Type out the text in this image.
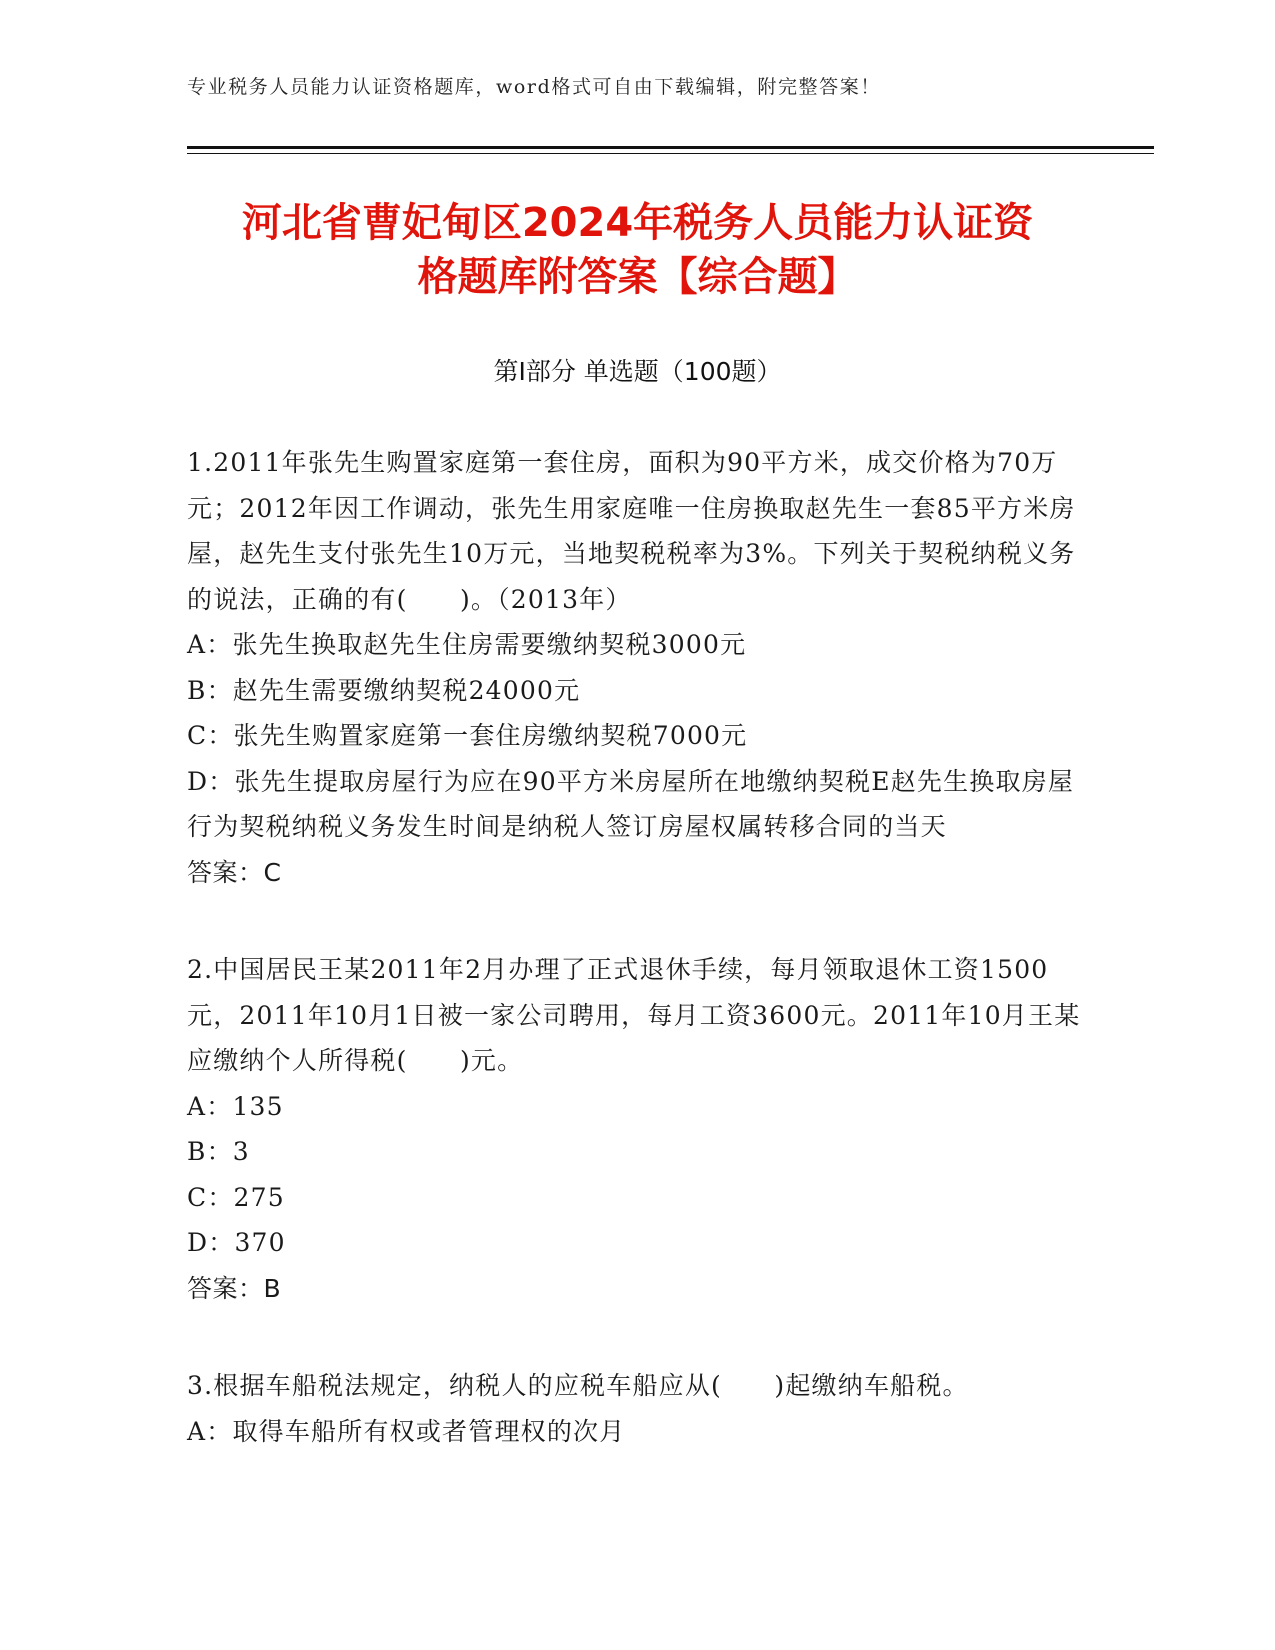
专业税务人员能力认证资格题库，word格式可自由下载编辑，附完整答案！
河北省曹妃甸区2024年税务人员能力认证资
格题库附答案【综合题】
第Ⅰ部分 单选题（100题）

1.2011年张先生购置家庭第一套住房，面积为90平方米，成交价格为70万元；2012年因工作调动，张先生用家庭唯一住房换取赵先生一套85平方米房屋，赵先生支付张先生10万元，当地契税税率为3%。下列关于契税纳税义务的说法，正确的有(　　)。（2013年）

A：张先生换取赵先生住房需要缴纳契税3000元

B：赵先生需要缴纳契税24000元

C：张先生购置家庭第一套住房缴纳契税7000元

D：张先生提取房屋行为应在90平方米房屋所在地缴纳契税E赵先生换取房屋行为契税纳税义务发生时间是纳税人签订房屋权属转移合同的当天

答案：C

2.中国居民王某2011年2月办理了正式退休手续，每月领取退休工资1500元，2011年10月1日被一家公司聘用，每月工资3600元。2011年10月王某应缴纳个人所得税(　　)元。

A：135

B：3

C：275

D：370

答案：B

3.根据车船税法规定，纳税人的应税车船应从(　　)起缴纳车船税。

A：取得车船所有权或者管理权的次月
